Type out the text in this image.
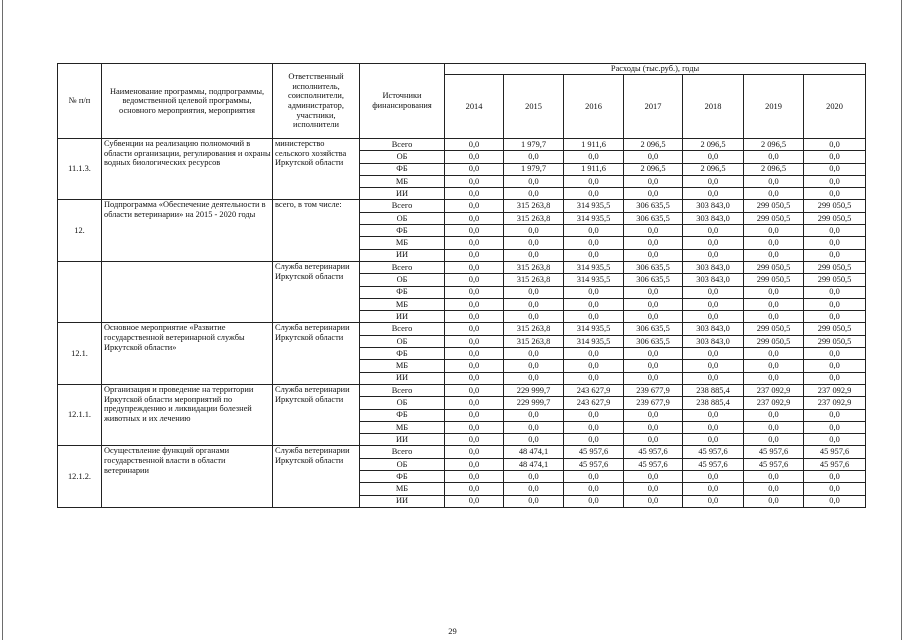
№ п/п	Наименование программы, подпрограммы, ведомственной целевой программы, основного мероприятия, мероприятия	Ответственный исполнитель, соисполнители, администратор, участники, исполнители	Источники финансирования	Расходы (тыс.руб.), годы						
				2014	2015	2016	2017	2018	2019	2020
11.1.3.	Субвенции на реализацию полномочий в области организации, регулирования и охраны водных биологических ресурсов	министерство сельского хозяйства Иркутской области	Всего	0,0	1 979,7	1 911,6	2 096,5	2 096,5	2 096,5	0,0
			ОБ	0,0	0,0	0,0	0,0	0,0	0,0	0,0
			ФБ	0,0	1 979,7	1 911,6	2 096,5	2 096,5	2 096,5	0,0
			МБ	0,0	0,0	0,0	0,0	0,0	0,0	0,0
			ИИ	0,0	0,0	0,0	0,0	0,0	0,0	0,0
12.	Подпрограмма «Обеспечение деятельности в области ветеринарии» на 2015 - 2020 годы	всего, в том числе:	Всего	0,0	315 263,8	314 935,5	306 635,5	303 843,0	299 050,5	299 050,5
			ОБ	0,0	315 263,8	314 935,5	306 635,5	303 843,0	299 050,5	299 050,5
			ФБ	0,0	0,0	0,0	0,0	0,0	0,0	0,0
			МБ	0,0	0,0	0,0	0,0	0,0	0,0	0,0
			ИИ	0,0	0,0	0,0	0,0	0,0	0,0	0,0
		Служба ветеринарии Иркутской области	Всего	0,0	315 263,8	314 935,5	306 635,5	303 843,0	299 050,5	299 050,5
			ОБ	0,0	315 263,8	314 935,5	306 635,5	303 843,0	299 050,5	299 050,5
			ФБ	0,0	0,0	0,0	0,0	0,0	0,0	0,0
			МБ	0,0	0,0	0,0	0,0	0,0	0,0	0,0
			ИИ	0,0	0,0	0,0	0,0	0,0	0,0	0,0
12.1.	Основное мероприятие «Развитие государственной ветеринарной службы Иркутской области»	Служба ветеринарии Иркутской области	Всего	0,0	315 263,8	314 935,5	306 635,5	303 843,0	299 050,5	299 050,5
			ОБ	0,0	315 263,8	314 935,5	306 635,5	303 843,0	299 050,5	299 050,5
			ФБ	0,0	0,0	0,0	0,0	0,0	0,0	0,0
			МБ	0,0	0,0	0,0	0,0	0,0	0,0	0,0
			ИИ	0,0	0,0	0,0	0,0	0,0	0,0	0,0
12.1.1.	Организация и проведение на территории Иркутской области мероприятий по предупреждению и ликвидации болезней животных и их лечению	Служба ветеринарии Иркутской области	Всего	0,0	229 999,7	243 627,9	239 677,9	238 885,4	237 092,9	237 092,9
			ОБ	0,0	229 999,7	243 627,9	239 677,9	238 885,4	237 092,9	237 092,9
			ФБ	0,0	0,0	0,0	0,0	0,0	0,0	0,0
			МБ	0,0	0,0	0,0	0,0	0,0	0,0	0,0
			ИИ	0,0	0,0	0,0	0,0	0,0	0,0	0,0
12.1.2.	Осуществление функций органами государственной власти в области ветеринарии	Служба ветеринарии Иркутской области	Всего	0,0	48 474,1	45 957,6	45 957,6	45 957,6	45 957,6	45 957,6
			ОБ	0,0	48 474,1	45 957,6	45 957,6	45 957,6	45 957,6	45 957,6
			ФБ	0,0	0,0	0,0	0,0	0,0	0,0	0,0
			МБ	0,0	0,0	0,0	0,0	0,0	0,0	0,0
			ИИ	0,0	0,0	0,0	0,0	0,0	0,0	0,0
29
